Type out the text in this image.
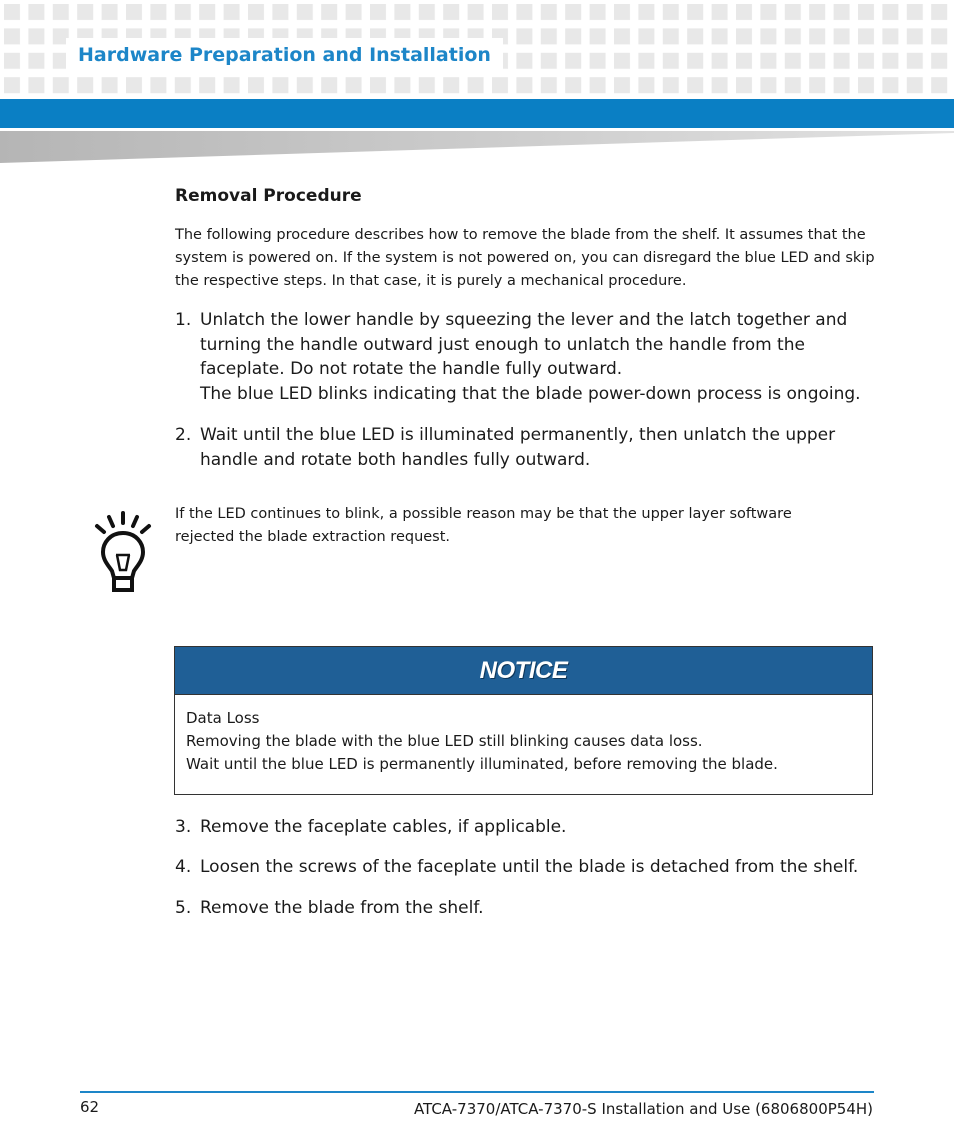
Hardware Preparation and Installation
Removal Procedure
The following procedure describes how to remove the blade from the shelf. It assumes that the system is powered on. If the system is not powered on, you can disregard the blue LED and skip the respective steps. In that case, it is purely a mechanical procedure.
1. Unlatch the lower handle by squeezing the lever and the latch together and turning the handle outward just enough to unlatch the handle from the faceplate. Do not rotate the handle fully outward.
The blue LED blinks indicating that the blade power-down process is ongoing.
2. Wait until the blue LED is illuminated permanently, then unlatch the upper handle and rotate both handles fully outward.
If the LED continues to blink, a possible reason may be that the upper layer software rejected the blade extraction request.
NOTICE
Data Loss
Removing the blade with the blue LED still blinking causes data loss.
Wait until the blue LED is permanently illuminated, before removing the blade.
3. Remove the faceplate cables, if applicable.
4. Loosen the screws of the faceplate until the blade is detached from the shelf.
5. Remove the blade from the shelf.
62	ATCA-7370/ATCA-7370-S Installation and Use (6806800P54H)
